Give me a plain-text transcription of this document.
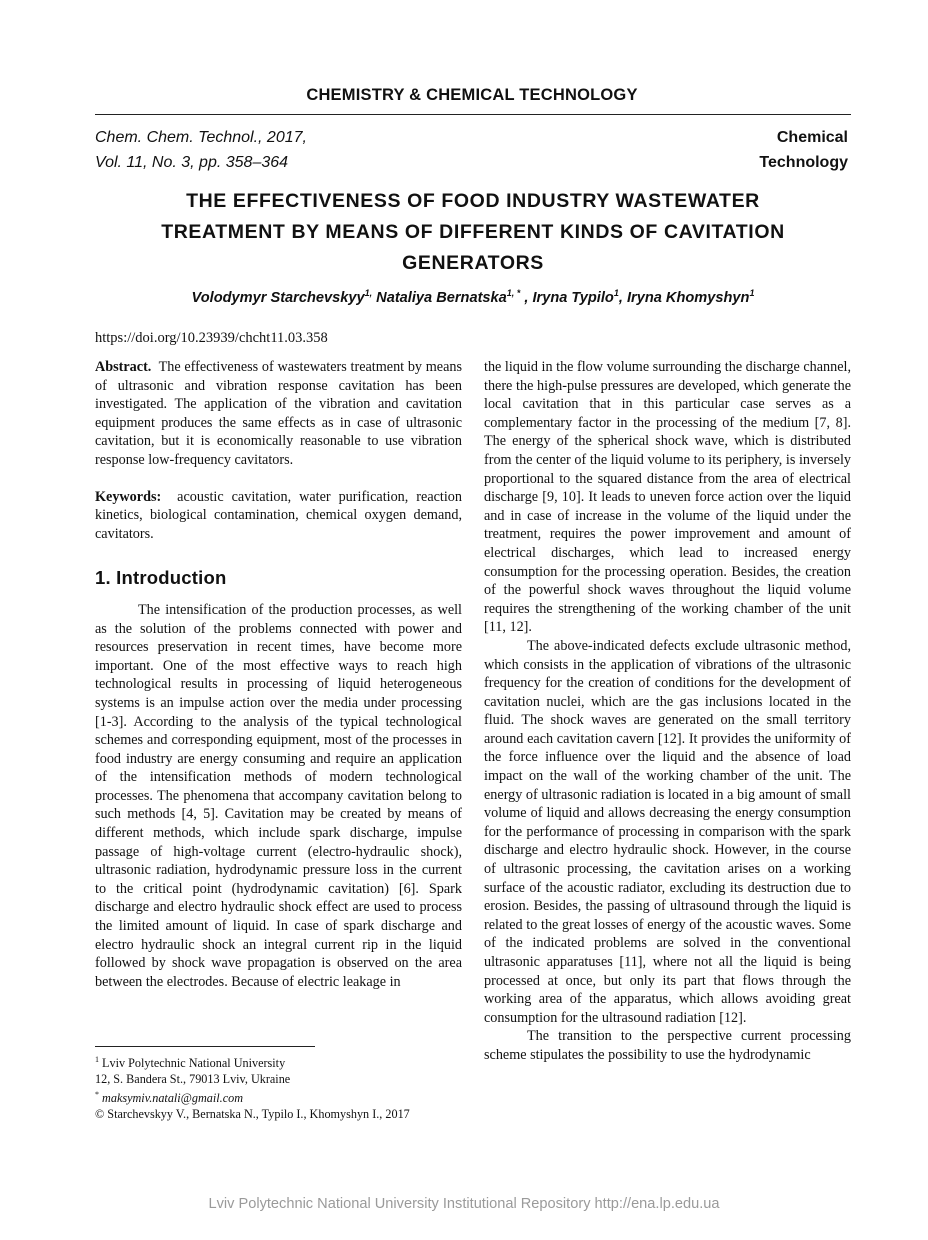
CHEMISTRY & CHEMICAL TECHNOLOGY
Chem. Chem. Technol., 2017,
Vol. 11, No. 3, pp. 358–364
Chemical
Technology
THE EFFECTIVENESS OF FOOD INDUSTRY WASTEWATER
TREATMENT BY MEANS OF DIFFERENT KINDS OF CAVITATION
GENERATORS
Volodymyr Starchevskyy$^{1,}$ Nataliya Bernatska$^{1, *}$ , Iryna Typilo$^1$, Iryna Khomyshyn$^1$
https://doi.org/10.23939/chcht11.03.358

Abstract. The effectiveness of wastewaters treatment by means of ultrasonic and vibration response cavitation has been investigated. The application of the vibration and cavitation equipment produces the same effects as in case of ultrasonic cavitation, but it is economically reasonable to use vibration response low-frequency cavitators.

Keywords: acoustic cavitation, water purification, reaction kinetics, biological contamination, chemical oxygen demand, cavitators.

1. Introduction

The intensification of the production processes, as well as the solution of the problems connected with power and resources preservation in recent times, have become more important. One of the most effective ways to reach high technological results in processing of liquid heterogeneous systems is an impulse action over the media under processing [1-3]. According to the analysis of the typical technological schemes and corresponding equipment, most of the processes in food industry are energy consuming and require an application of the intensification methods of modern technological processes. The phenomena that accompany cavitation belong to such methods [4, 5]. Cavitation may be created by means of different methods, which include spark discharge, impulse passage of high-voltage current (electro-hydraulic shock), ultrasonic radiation, hydrodynamic pressure loss in the current to the critical point (hydrodynamic cavitation) [6]. Spark discharge and electro hydraulic shock effect are used to process the limited amount of liquid. In case of spark discharge and electro hydraulic shock an integral current rip in the liquid followed by shock wave propagation is observed on the area between the electrodes. Because of electric leakage in

the liquid in the flow volume surrounding the discharge channel, there the high-pulse pressures are developed, which generate the local cavitation that in this particular case serves as a complementary factor in the processing of the medium [7, 8]. The energy of the spherical shock wave, which is distributed from the center of the liquid volume to its periphery, is inversely proportional to the squared distance from the area of electrical discharge [9, 10]. It leads to uneven force action over the liquid and in case of increase in the volume of the liquid under the treatment, requires the power improvement and amount of electrical discharges, which lead to increased energy consumption for the processing operation. Besides, the creation of the powerful shock waves throughout the liquid volume requires the strengthening of the working chamber of the unit [11, 12].

The above-indicated defects exclude ultrasonic method, which consists in the application of vibrations of the ultrasonic frequency for the creation of conditions for the development of cavitation nuclei, which are the gas inclusions located in the fluid. The shock waves are generated on the small territory around each cavitation cavern [12]. It provides the uniformity of the force influence over the liquid and the absence of load impact on the wall of the working chamber of the unit. The energy of ultrasonic radiation is located in a big amount of small volume of liquid and allows decreasing the energy consumption for the performance of processing in comparison with the spark discharge and electro hydraulic shock. However, in the course of ultrasonic processing, the cavitation arises on a working surface of the acoustic radiator, excluding its destruction due to erosion. Besides, the passing of ultrasound through the liquid is related to the great losses of energy of the acoustic waves. Some of the indicated problems are solved in the conventional ultrasonic apparatuses [11], where not all the liquid is being processed at once, but only its part that flows through the working area of the apparatus, which allows avoiding great consumption for the ultrasound radiation [12].

The transition to the perspective current processing scheme stipulates the possibility to use the hydrodynamic

$^1$ Lviv Polytechnic National University
12, S. Bandera St., 79013 Lviv, Ukraine
* maksymiv.natali@gmail.com
© Starchevskyy V., Bernatska N., Typilo I., Khomyshyn I., 2017
Lviv Polytechnic National University Institutional Repository http://ena.lp.edu.ua
